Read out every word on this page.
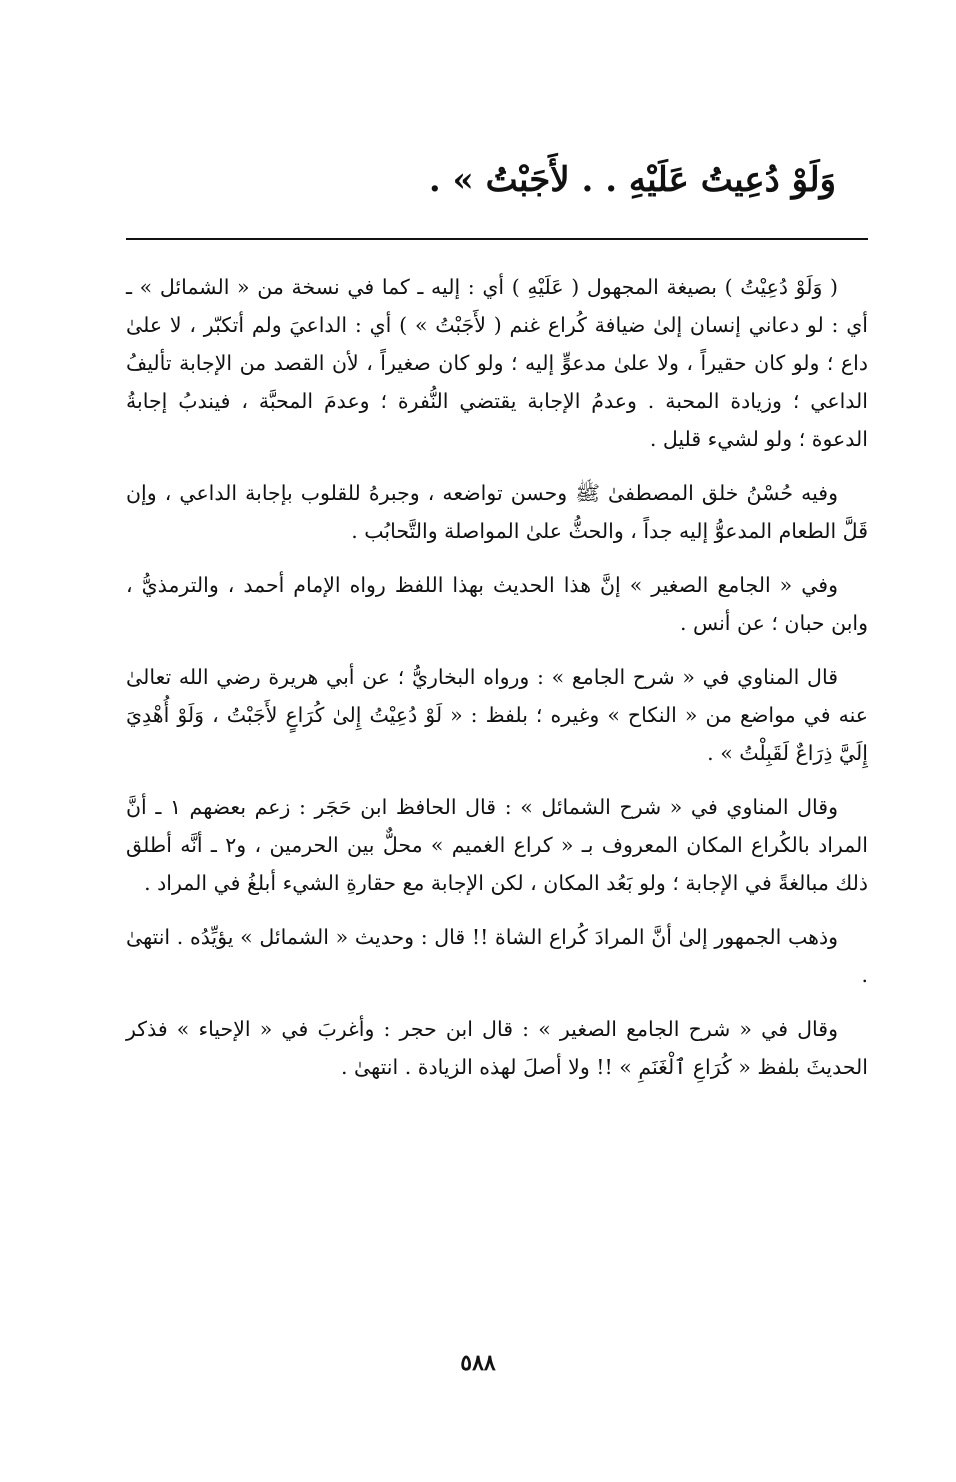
وَلَوْ دُعِيتُ عَلَيْهِ . . لأَجَبْتُ » .

( وَلَوْ دُعِيْتُ ) بصيغة المجهول ( عَلَيْهِ ) أي : إليه ـ كما في نسخة من « الشمائل » ـ أي : لو دعاني إنسان إلىٰ ضيافة كُراع غنم ( لأَجَبْتُ » ) أي : الداعيَ ولم أتكبّر ، لا علىٰ داع ؛ ولو كان حقيراً ، ولا علىٰ مدعوٍّ إليه ؛ ولو كان صغيراً ، لأن القصد من الإجابة تأليفُ الداعي ؛ وزيادة المحبة . وعدمُ الإجابة يقتضي النُّفرة ؛ وعدمَ المحبَّة ، فيندبُ إجابةُ الدعوة ؛ ولو لشيء قليل .

وفيه حُسْنُ خلق المصطفىٰ ﷺ وحسن تواضعه ، وجبرهُ للقلوب بإجابة الداعي ، وإن قَلَّ الطعام المدعوُّ إليه جداً ، والحثُّ علىٰ المواصلة والتَّحابُب .

وفي « الجامع الصغير » إنَّ هذا الحديث بهذا اللفظ رواه الإمام أحمد ، والترمذيُّ ، وابن حبان ؛ عن أنس .

قال المناوي في « شرح الجامع » : ورواه البخاريُّ ؛ عن أبي هريرة رضي الله تعالىٰ عنه في مواضع من « النكاح » وغيره ؛ بلفظ : « لَوْ دُعِيْتُ إِلىٰ كُرَاعٍ لأَجَبْتُ ، وَلَوْ أُهْدِيَ إِلَيَّ ذِرَاعٌ لَقَبِلْتُ » .

وقال المناوي في « شرح الشمائل » : قال الحافظ ابن حَجَر : زعم بعضهم ١ ـ أنَّ المراد بالكُراع المكان المعروف بـ « كراع الغميم » محلٌّ بين الحرمين ، و٢ ـ أنَّه أطلق ذلك مبالغةً في الإجابة ؛ ولو بَعُد المكان ، لكن الإجابة مع حقارةِ الشيء أبلغُ في المراد .

وذهب الجمهور إلىٰ أنَّ المرادَ كُراع الشاة !! قال : وحديث « الشمائل » يؤيِّدُه . انتهىٰ .

وقال في « شرح الجامع الصغير » : قال ابن حجر : وأغربَ في « الإحياء » فذكر الحديثَ بلفظ « كُرَاعِ ٱلْغَنَمِ » !! ولا أصلَ لهذه الزيادة . انتهىٰ .

٥٨٨
